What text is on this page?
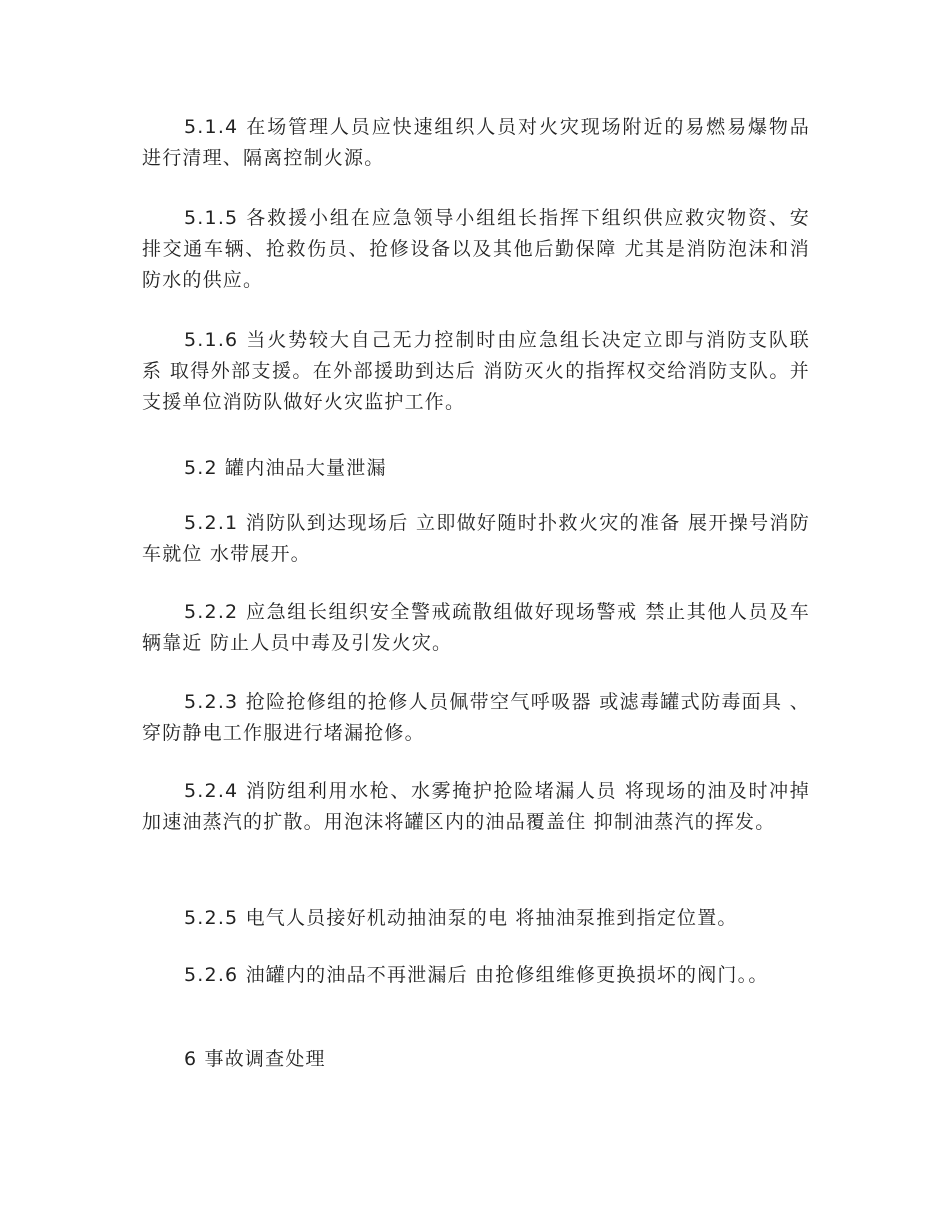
5.1.4 在场管理人员应快速组织人员对火灾现场附近的易燃易爆物品进行清理、隔离控制火源。

5.1.5 各救援小组在应急领导小组组长指挥下组织供应救灾物资、安排交通车辆、抢救伤员、抢修设备以及其他后勤保障 尤其是消防泡沫和消防水的供应。

5.1.6 当火势较大自己无力控制时由应急组长决定立即与消防支队联系 取得外部支援。在外部援助到达后 消防灭火的指挥权交给消防支队。并支援单位消防队做好火灾监护工作。

5.2 罐内油品大量泄漏

5.2.1 消防队到达现场后 立即做好随时扑救火灾的准备 展开操号消防车就位 水带展开。

5.2.2 应急组长组织安全警戒疏散组做好现场警戒 禁止其他人员及车辆靠近 防止人员中毒及引发火灾。

5.2.3 抢险抢修组的抢修人员佩带空气呼吸器 或滤毒罐式防毒面具 、穿防静电工作服进行堵漏抢修。

5.2.4 消防组利用水枪、水雾掩护抢险堵漏人员 将现场的油及时冲掉 加速油蒸汽的扩散。用泡沫将罐区内的油品覆盖住 抑制油蒸汽的挥发。

5.2.5 电气人员接好机动抽油泵的电 将抽油泵推到指定位置。

5.2.6 油罐内的油品不再泄漏后 由抢修组维修更换损坏的阀门。。

6 事故调查处理
